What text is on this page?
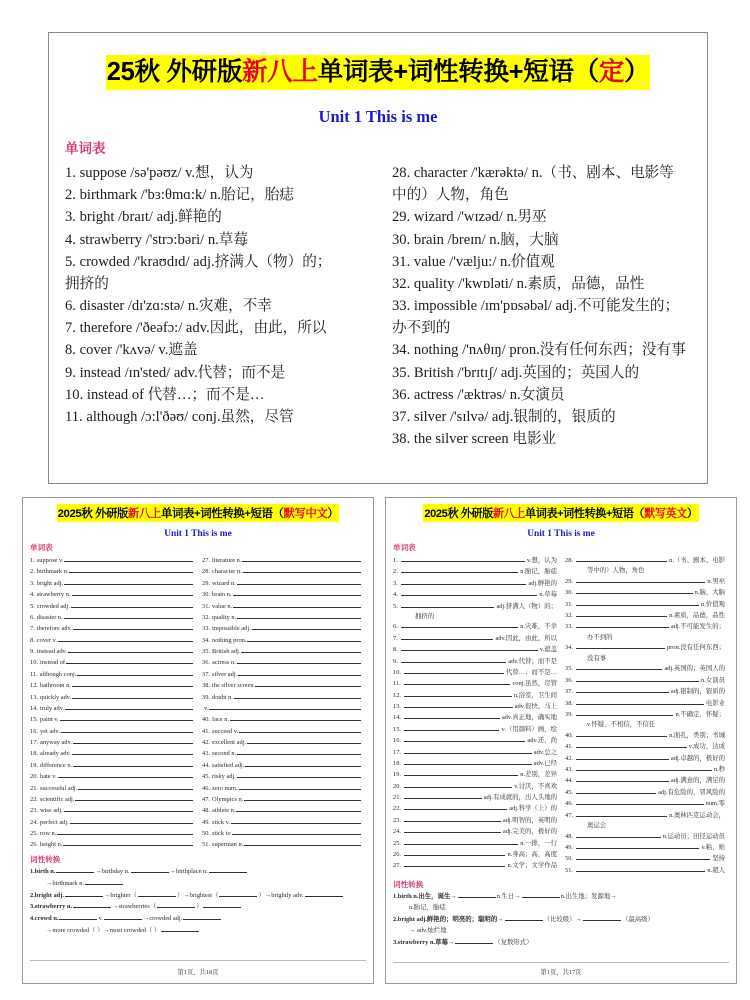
25秋 外研版新八上单词表+词性转换+短语（定）
Unit 1 This is me
单词表
1. suppose /sə'pəʊz/ v.想，认为
2. birthmark /'bɜ:θmɑ:k/ n.胎记，胎痣
3. bright /braɪt/ adj.鲜艳的
4. strawberry /'strɔ:bəri/ n.草莓
5. crowded /'kraʊdɪd/ adj.挤满人（物）的；
拥挤的
6. disaster /dɪ'zɑ:stə/ n.灾难，不幸
7. therefore /'ðeəfɔ:/ adv.因此，由此，所以
8. cover /'kʌvə/ v.遮盖
9. instead /ɪn'sted/ adv.代替；而不是
10. instead of 代替…；而不是…
11. although /ɔ:l'ðəʊ/ conj.虽然，尽管
28. character /'kærəktə/ n.（书、剧本、电影等
中的）人物，角色
29. wizard /'wɪzəd/ n.男巫
30. brain /breɪn/ n.脑，大脑
31. value /'vælju:/ n.价值观
32. quality /'kwɒləti/ n.素质，品德，品性
33. impossible /ɪm'pɒsəbəl/ adj.不可能发生的；
办不到的
34. nothing /'nʌθɪŋ/ pron.没有任何东西；没有事
35. British /'brɪtɪʃ/ adj.英国的；英国人的
36. actress /'æktrəs/ n.女演员
37. silver /'sɪlvə/ adj.银制的，银质的
38. the silver screen 电影业
2025秋 外研版新八上单词表+词性转换+短语（默写中文）
Unit 1 This is me
单词表
1. suppose v.
2. birthmark n.
3. bright adj.
4. strawberry n.
5. crowded adj.
6. disaster n.
7. therefore adv.
8. cover v.
9. instead adv.
10. instead of
11. although conj.
12. bathroom n.
13. quickly adv.
14. truly adv.
15. paint v.
16. yet adv.
17. anyway adv.
18. already adv.
19. difference n.
20. hate v.
21. successful adj.
22. scientific adj.
23. wise adj.
24. perfect adj.
25. row n.
26. height n.
27. literature n.
28. character n.
29. wizard n.
30. brain n.
31. value n.
32. quality n.
33. impossible adj.
34. nothing pron.
35. British adj.
36. actress n.
37. silver adj.
38. the silver screen
39. doubt n.
v.
40. face n.
41. succeed v.
42. excellent adj.
43. second n.
44. satisfied adj.
45. risky adj.
46. zero num.
47. Olympics n.
48. athlete n.
49. stick v.
50. stick to
51. superman n.
词性转换
1. birth n.	→birthday n.	→birthplace n.
→birthmark n.
2. bright adj.	→brighter（	）→brightest（	）→brightly adv.
3. strawberry n.	→strawberries（	）
4. crowd n.	v.	→crowded adj.
→more crowded（ ）→most crowded（ ）
第1页，共18页
2025秋 外研版新八上单词表+词性转换+短语（默写英文）
Unit 1 This is me
单词表
1.	v.想，认为
2.	n.胎记，胎痣
3.	adj.鲜艳的
4.	n.草莓
5.	adj.挤满人（物）的；
拥挤的
6.	n.灾难，不幸
7.	adv.因此，由此，所以
8.	v.遮盖
9.	adv.代替；而不是
10.	代替…；而不是…
11.	conj.虽然，尽管
12.	n.浴室，卫生间
13.	adv.很快，马上
14.	adv.真正地，确实地
15.	v.（用颜料）画，绘
16.	adv.还，尚
17.	adv.总之
18.	adv.已经
19.	n.差别，差异
20.	v.讨厌，不喜欢
21.	adj.有成就的，出人头地的
22.	adj.科学（上）的
23.	adj.明智的，英明的
24.	adj.完美的，极好的
25.	n.一排，一行
26.	n.身高；高，高度
27.	n.文学；文学作品
28.	n.（书、剧本、电影
等中的）人物，角色
29.	n.男巫
30.	n.脑，大脑
31.	n.价值观
32.	n.素质，品德，品性
33.	adj.不可能发生的；
办不到的
34.	pron.没有任何东西；
没有事
35.	adj.英国的；英国人的
36.	n.女演员
37.	adj.银制的，银质的
38.	电影业
39.	n.不确定，怀疑；
v.怀疑，不相信，不信任
40.	n.面孔，类别；书城
41.	v.成功，达成
42.	adj.卓越的，极好的
43.	n.秒
44.	adj.满意的，满足的
45.	adj.有危险的，冒风险的
46.	num.零
47.	n.奥林匹克运动会，
奥运会
48.	n.运动员；田径运动员
49.	v.粘，贴
50.	坚持
51.	n.超人
词性转换
1. birth n.出生，诞生→	n.生日→	n.出生地；发源地→
n.胎记，胎痣
2. bright adj.鲜艳的；明亮的；聪明的→	（比较级）→	（最高级）
→ adv.灿烂地
3. strawberry n.草莓→	（复数形式）
第1页，共17页
